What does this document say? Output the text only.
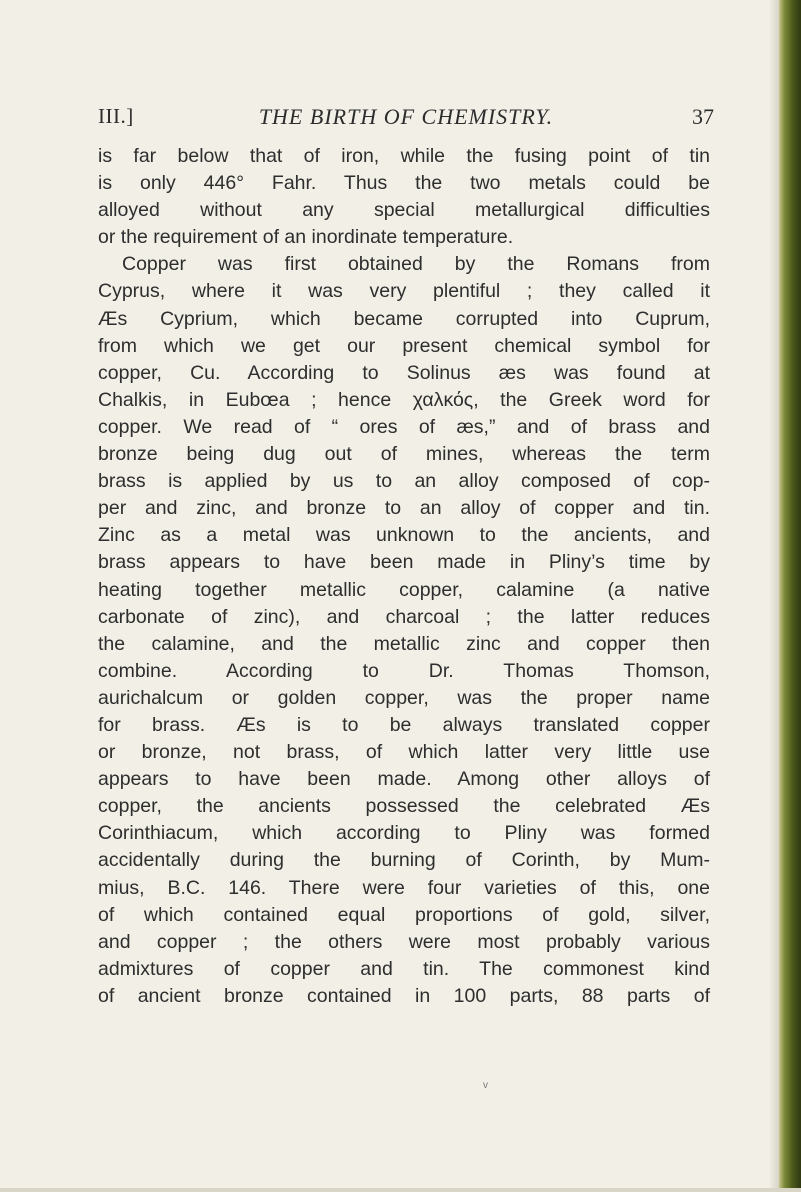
III.]	THE BIRTH OF CHEMISTRY.	37
is far below that of iron, while the fusing point of tin
is only 446° Fahr. Thus the two metals could be
alloyed without any special metallurgical difficulties
or the requirement of an inordinate temperature.
Copper was first obtained by the Romans from
Cyprus, where it was very plentiful ; they called it
Æs Cyprium, which became corrupted into Cuprum,
from which we get our present chemical symbol for
copper, Cu. According to Solinus æs was found at
Chalkis, in Eubœa ; hence χαλκός, the Greek word for
copper. We read of “ ores of æs,” and of brass and
bronze being dug out of mines, whereas the term
brass is applied by us to an alloy composed of cop-
per and zinc, and bronze to an alloy of copper and tin.
Zinc as a metal was unknown to the ancients, and
brass appears to have been made in Pliny’s time by
heating together metallic copper, calamine (a native
carbonate of zinc), and charcoal ; the latter reduces
the calamine, and the metallic zinc and copper then
combine. According to Dr. Thomas Thomson,
aurichalcum or golden copper, was the proper name
for brass. Æs is to be always translated copper
or bronze, not brass, of which latter very little use
appears to have been made. Among other alloys of
copper, the ancients possessed the celebrated Æs
Corinthiacum, which according to Pliny was formed
accidentally during the burning of Corinth, by Mum-
mius, B.C. 146. There were four varieties of this, one
of which contained equal proportions of gold, silver,
and copper ; the others were most probably various
admixtures of copper and tin. The commonest kind
of ancient bronze contained in 100 parts, 88 parts of
v
